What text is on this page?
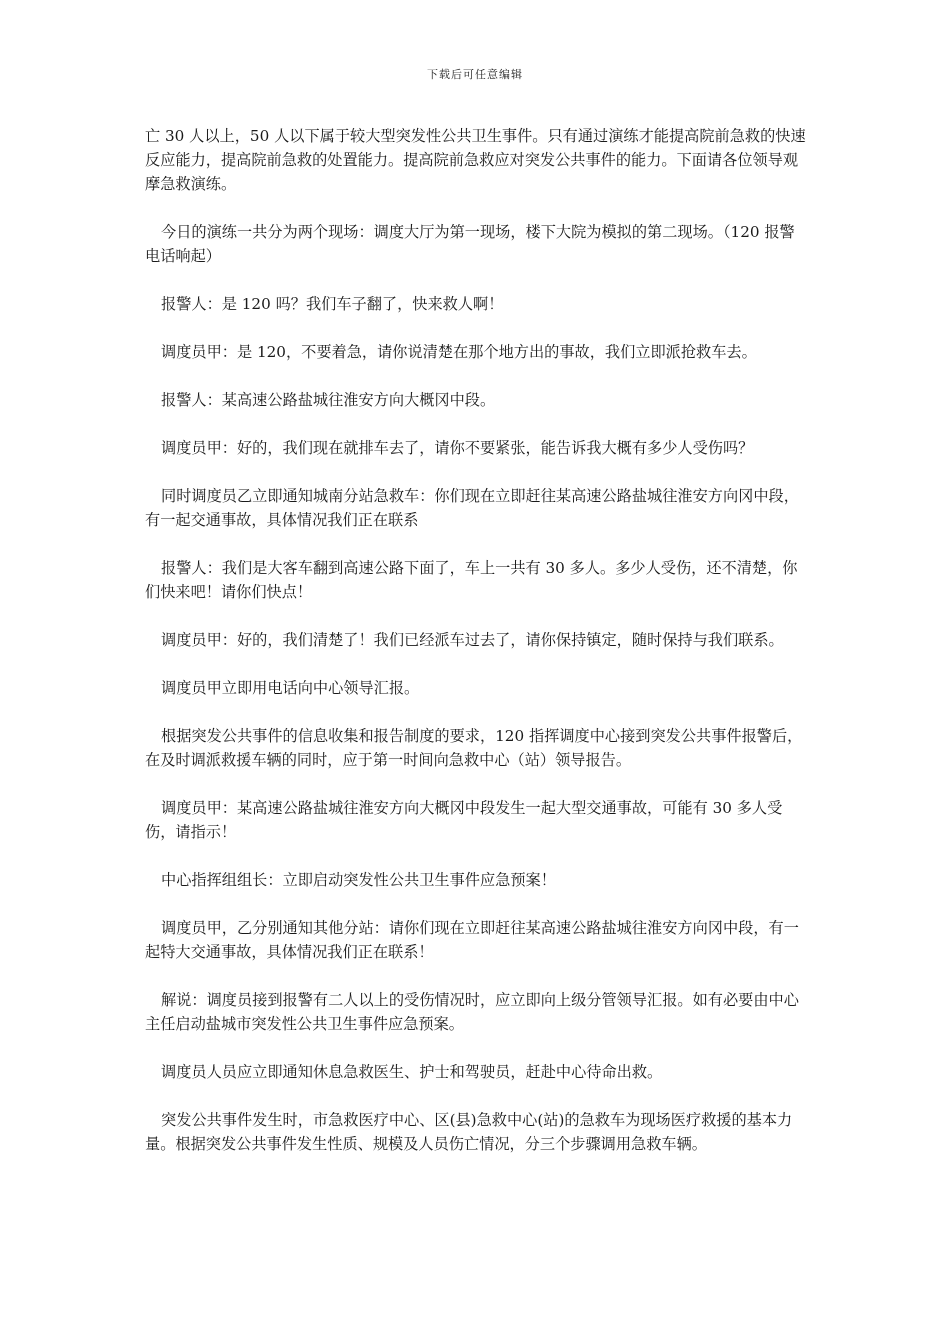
下载后可任意编辑

亡 30 人以上，50 人以下属于较大型突发性公共卫生事件。只有通过演练才能提高院前急救的快速反应能力，提高院前急救的处置能力。提高院前急救应对突发公共事件的能力。下面请各位领导观摩急救演练。

今日的演练一共分为两个现场：调度大厅为第一现场，楼下大院为模拟的第二现场。（120 报警电话响起）

报警人：是 120 吗？我们车子翻了，快来救人啊！

调度员甲：是 120，不要着急，请你说清楚在那个地方出的事故，我们立即派抢救车去。

报警人：某高速公路盐城往淮安方向大概冈中段。

调度员甲：好的，我们现在就排车去了，请你不要紧张，能告诉我大概有多少人受伤吗？

同时调度员乙立即通知城南分站急救车：你们现在立即赶往某高速公路盐城往淮安方向冈中段，有一起交通事故，具体情况我们正在联系

报警人：我们是大客车翻到高速公路下面了，车上一共有 30 多人。多少人受伤，还不清楚，你们快来吧！请你们快点！

调度员甲：好的，我们清楚了！我们已经派车过去了，请你保持镇定，随时保持与我们联系。

调度员甲立即用电话向中心领导汇报。

根据突发公共事件的信息收集和报告制度的要求，120 指挥调度中心接到突发公共事件报警后，在及时调派救援车辆的同时，应于第一时间向急救中心（站）领导报告。

调度员甲：某高速公路盐城往淮安方向大概冈中段发生一起大型交通事故，可能有 30 多人受伤，请指示！

中心指挥组组长：立即启动突发性公共卫生事件应急预案！

调度员甲，乙分别通知其他分站：请你们现在立即赶往某高速公路盐城往淮安方向冈中段，有一起特大交通事故，具体情况我们正在联系！

解说：调度员接到报警有二人以上的受伤情况时，应立即向上级分管领导汇报。如有必要由中心主任启动盐城市突发性公共卫生事件应急预案。

调度员人员应立即通知休息急救医生、护士和驾驶员，赶赴中心待命出救。

突发公共事件发生时，市急救医疗中心、区(县)急救中心(站)的急救车为现场医疗救援的基本力量。根据突发公共事件发生性质、规模及人员伤亡情况，分三个步骤调用急救车辆。
